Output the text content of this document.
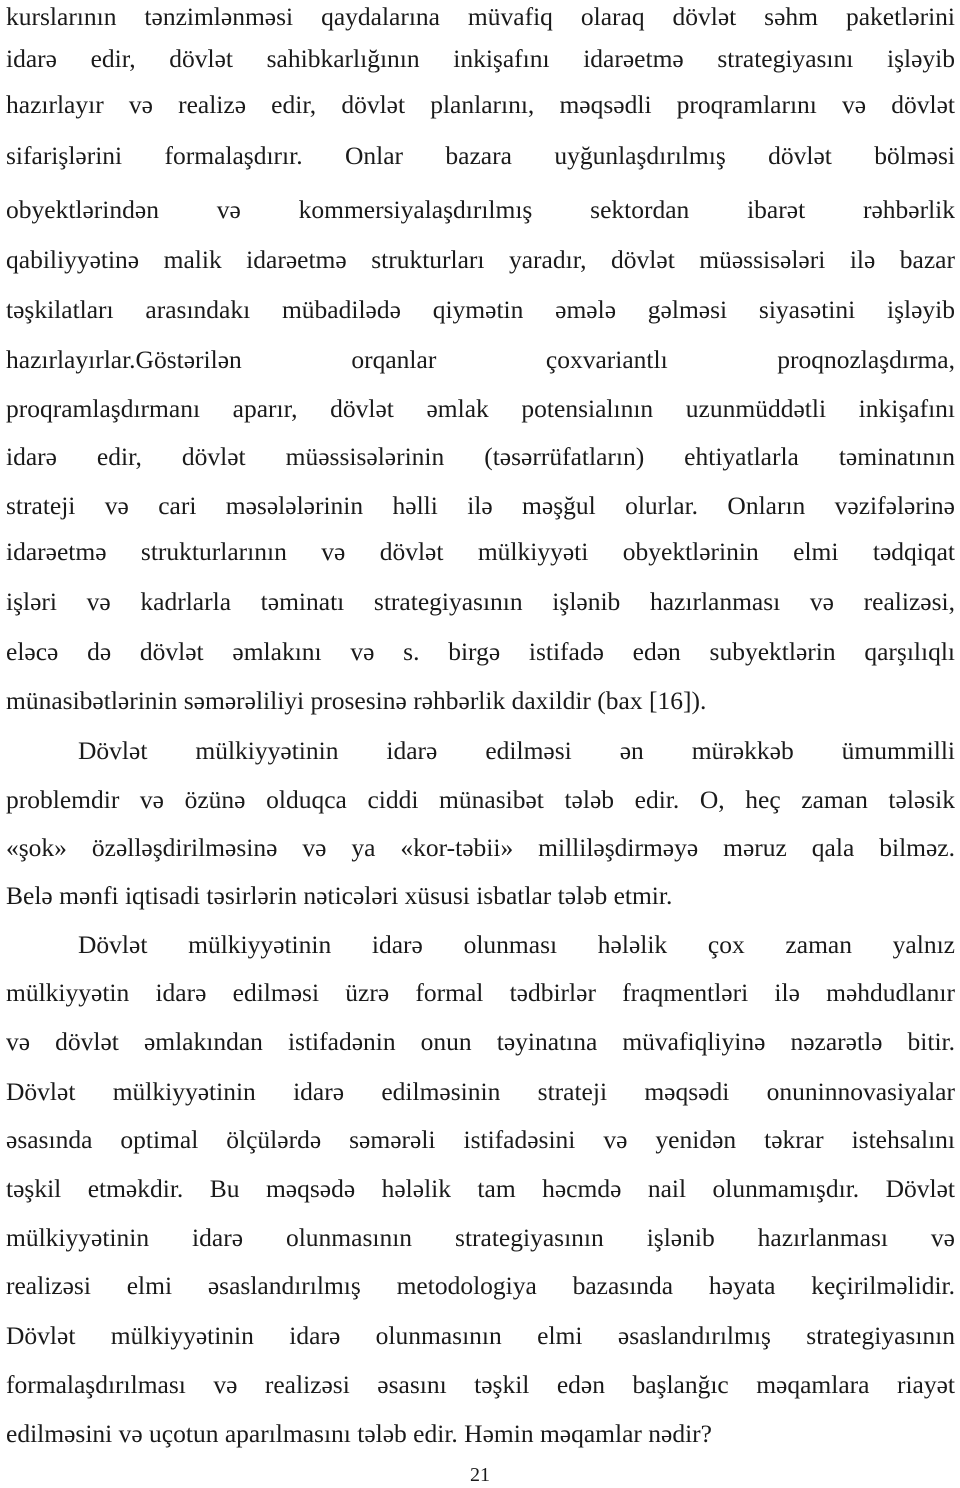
kurslarının tənzimlənməsi qaydalarına müvafiq olaraq dövlət səhm paketlərini
idarə edir, dövlət sahibkarlığının inkişafını idarəetmə strategiyasını işləyib
hazırlayır və realizə edir, dövlət planlarını, məqsədli proqramlarını və dövlət
sifarişlərini formalaşdırır. Onlar bazara uyğunlaşdırılmış dövlət bölməsi
obyektlərindən və kommersiyalaşdırılmış sektordan ibarət rəhbərlik
qabiliyyətinə malik idarəetmə strukturları yaradır, dövlət müəssisələri ilə bazar
təşkilatları arasındakı mübadilədə qiymətin əmələ gəlməsi siyasətini işləyib
hazırlayırlar.Göstərilən orqanlar çoxvariantlı proqnozlaşdırma,
proqramlaşdırmanı aparır, dövlət əmlak potensialının uzunmüddətli inkişafını
idarə edir, dövlət müəssisələrinin (təsərrüfatların) ehtiyatlarla təminatının
strateji və cari məsələlərinin həlli ilə məşğul olurlar. Onların vəzifələrinə
idarəetmə strukturlarının və dövlət mülkiyyəti obyektlərinin elmi tədqiqat
işləri və kadrlarla təminatı strategiyasının işlənib hazırlanması və realizəsi,
eləcə də dövlət əmlakını və s. birgə istifadə edən subyektlərin qarşılıqlı
münasibətlərinin səmərəliliyi prosesinə rəhbərlik daxildir (bax [16]).
Dövlət mülkiyyətinin idarə edilməsi ən mürəkkəb ümummilli
problemdir və özünə olduqca ciddi münasibət tələb edir. O, heç zaman tələsik
«şok» özəlləşdirilməsinə və ya «kor-təbii» milliləşdirməyə məruz qala bilməz.
Belə mənfi iqtisadi təsirlərin nəticələri xüsusi isbatlar tələb etmir.
Dövlət mülkiyyətinin idarə olunması hələlik çox zaman yalnız
mülkiyyətin idarə edilməsi üzrə formal tədbirlər fraqmentləri ilə məhdudlanır
və dövlət əmlakından istifadənin onun təyinatına müvafiqliyinə nəzarətlə bitir.
Dövlət mülkiyyətinin idarə edilməsinin strateji məqsədi onuninnovasiyalar
əsasında optimal ölçülərdə səmərəli istifadəsini və yenidən təkrar istehsalını
təşkil etməkdir. Bu məqsədə hələlik tam həcmdə nail olunmamışdır. Dövlət
mülkiyyətinin idarə olunmasının strategiyasının işlənib hazırlanması və
realizəsi elmi əsaslandırılmış metodologiya bazasında həyata keçirilməlidir.
Dövlət mülkiyyətinin idarə olunmasının elmi əsaslandırılmış strategiyasının
formalaşdırılması və realizəsi əsasını təşkil edən başlanğıc məqamlara riayət
edilməsini və uçotun aparılmasını tələb edir. Həmin məqamlar nədir?
21
